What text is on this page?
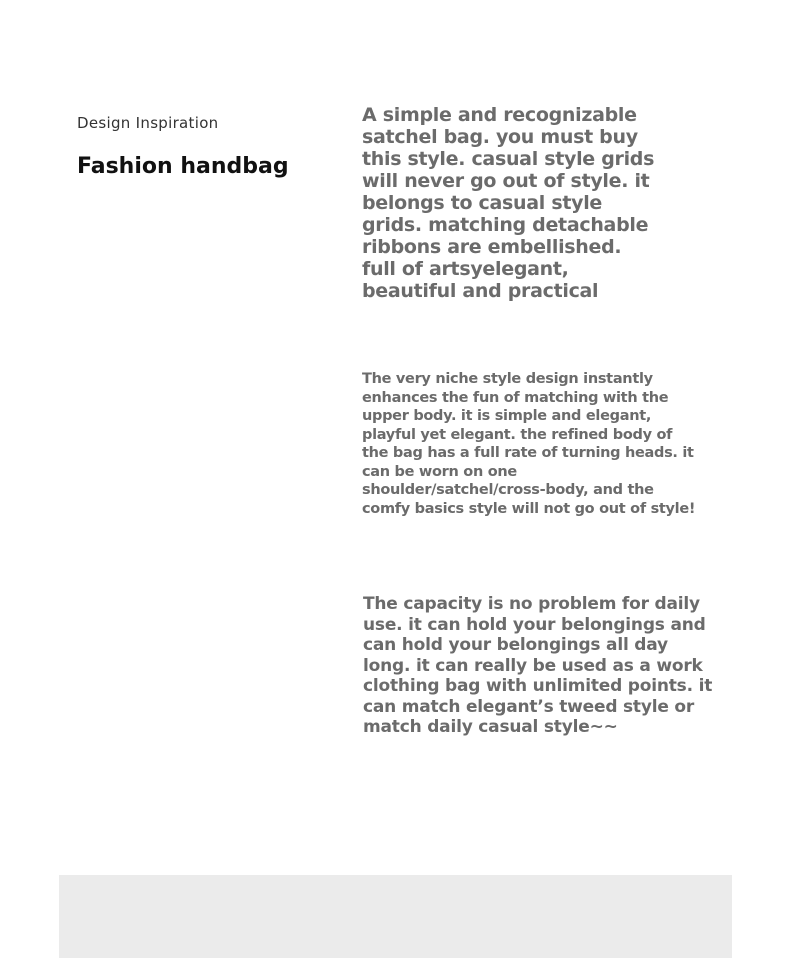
Design Inspiration
Fashion handbag

A simple and recognizable
satchel bag. you must buy
this style. casual style grids
will never go out of style. it
belongs to casual style
grids. matching detachable
ribbons are embellished.
full of artsyelegant,
beautiful and practical

The very niche style design instantly
enhances the fun of matching with the
upper body. it is simple and elegant,
playful yet elegant. the refined body of
the bag has a full rate of turning heads. it
can be worn on one
shoulder/satchel/cross-body, and the
comfy basics style will not go out of style!

The capacity is no problem for daily
use. it can hold your belongings and
can hold your belongings all day
long. it can really be used as a work
clothing bag with unlimited points. it
can match elegant’s tweed style or
match daily casual style~~
